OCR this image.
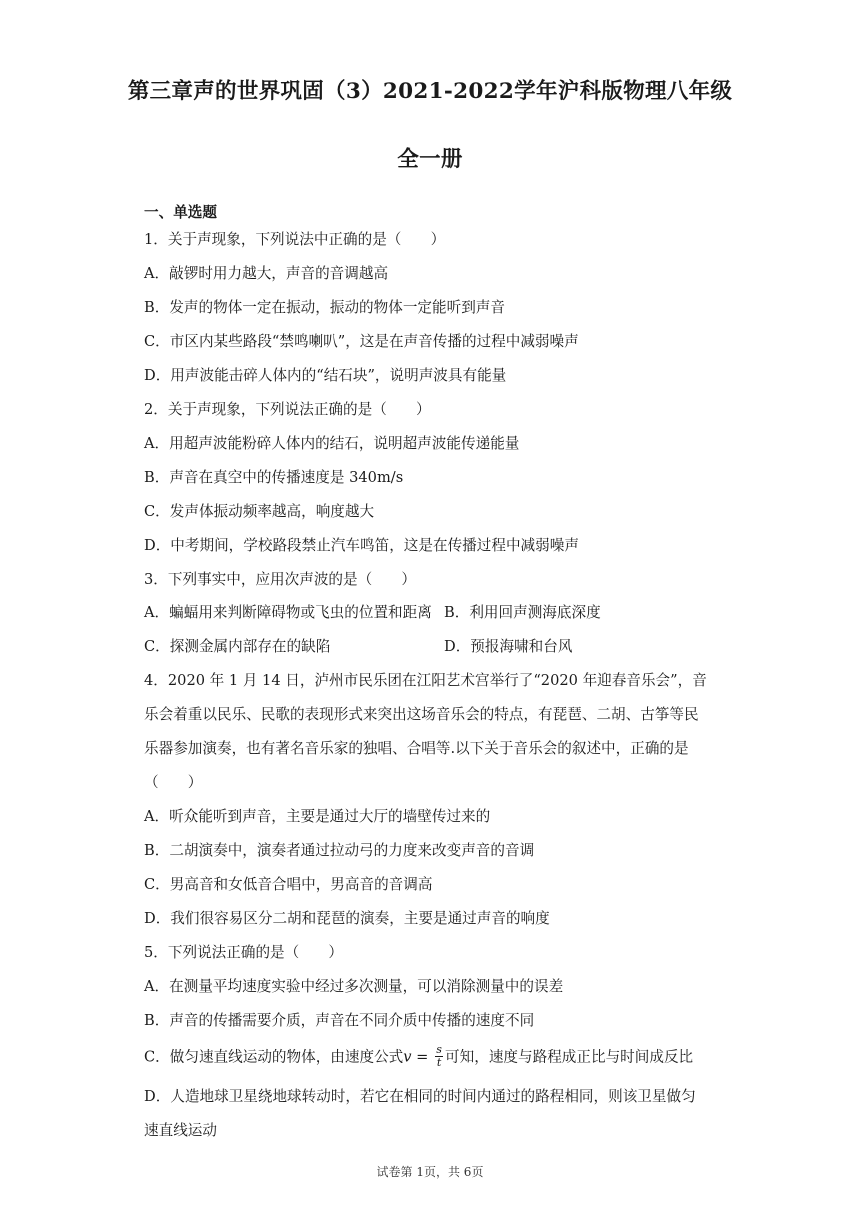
第三章声的世界巩固（3）2021-2022学年沪科版物理八年级
全一册
一、单选题
1．关于声现象，下列说法中正确的是（　　）
A．敲锣时用力越大，声音的音调越高
B．发声的物体一定在振动，振动的物体一定能听到声音
C．市区内某些路段“禁鸣喇叭”，这是在声音传播的过程中减弱噪声
D．用声波能击碎人体内的“结石块”，说明声波具有能量
2．关于声现象，下列说法正确的是（　　）
A．用超声波能粉碎人体内的结石，说明超声波能传递能量
B．声音在真空中的传播速度是 340m/s
C．发声体振动频率越高，响度越大
D．中考期间，学校路段禁止汽车鸣笛，这是在传播过程中减弱噪声
3．下列事实中，应用次声波的是（　　）
A．蝙蝠用来判断障碍物或飞虫的位置和距离 B．利用回声测海底深度
C．探测金属内部存在的缺陷	D．预报海啸和台风
4．2020 年 1 月 14 日，泸州市民乐团在江阳艺术宫举行了“2020 年迎春音乐会”，音
乐会着重以民乐、民歌的表现形式来突出这场音乐会的特点，有琵琶、二胡、古筝等民
乐器参加演奏，也有著名音乐家的独唱、合唱等.以下关于音乐会的叙述中，正确的是
（　　）
A．听众能听到声音，主要是通过大厅的墙壁传过来的
B．二胡演奏中，演奏者通过拉动弓的力度来改变声音的音调
C．男高音和女低音合唱中，男高音的音调高
D．我们很容易区分二胡和琵琶的演奏，主要是通过声音的响度
5．下列说法正确的是（　　）
A．在测量平均速度实验中经过多次测量，可以消除测量中的误差
B．声音的传播需要介质，声音在不同介质中传播的速度不同
C．做匀速直线运动的物体，由速度公式$v = \frac{s}{t}$ 可知，速度与路程成正比与时间成反比
D．人造地球卫星绕地球转动时，若它在相同的时间内通过的路程相同，则该卫星做匀
速直线运动
试卷第 1页，共 6页
